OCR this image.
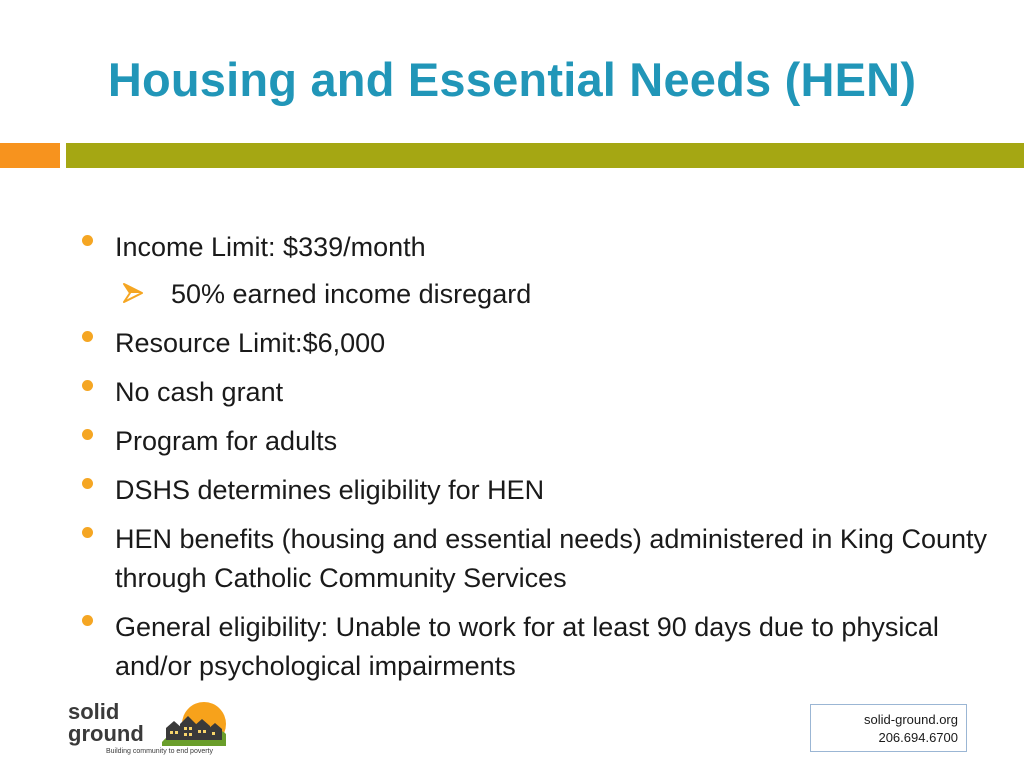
Housing and Essential Needs (HEN)
Income Limit: $339/month
50% earned income disregard
Resource Limit:$6,000
No cash grant
Program for adults
DSHS determines eligibility for HEN
HEN benefits (housing and essential needs) administered in King County through Catholic Community Services
General eligibility: Unable to work for at least 90 days due to physical and/or psychological impairments
solid
ground
Building community to end poverty
solid-ground.org
206.694.6700
